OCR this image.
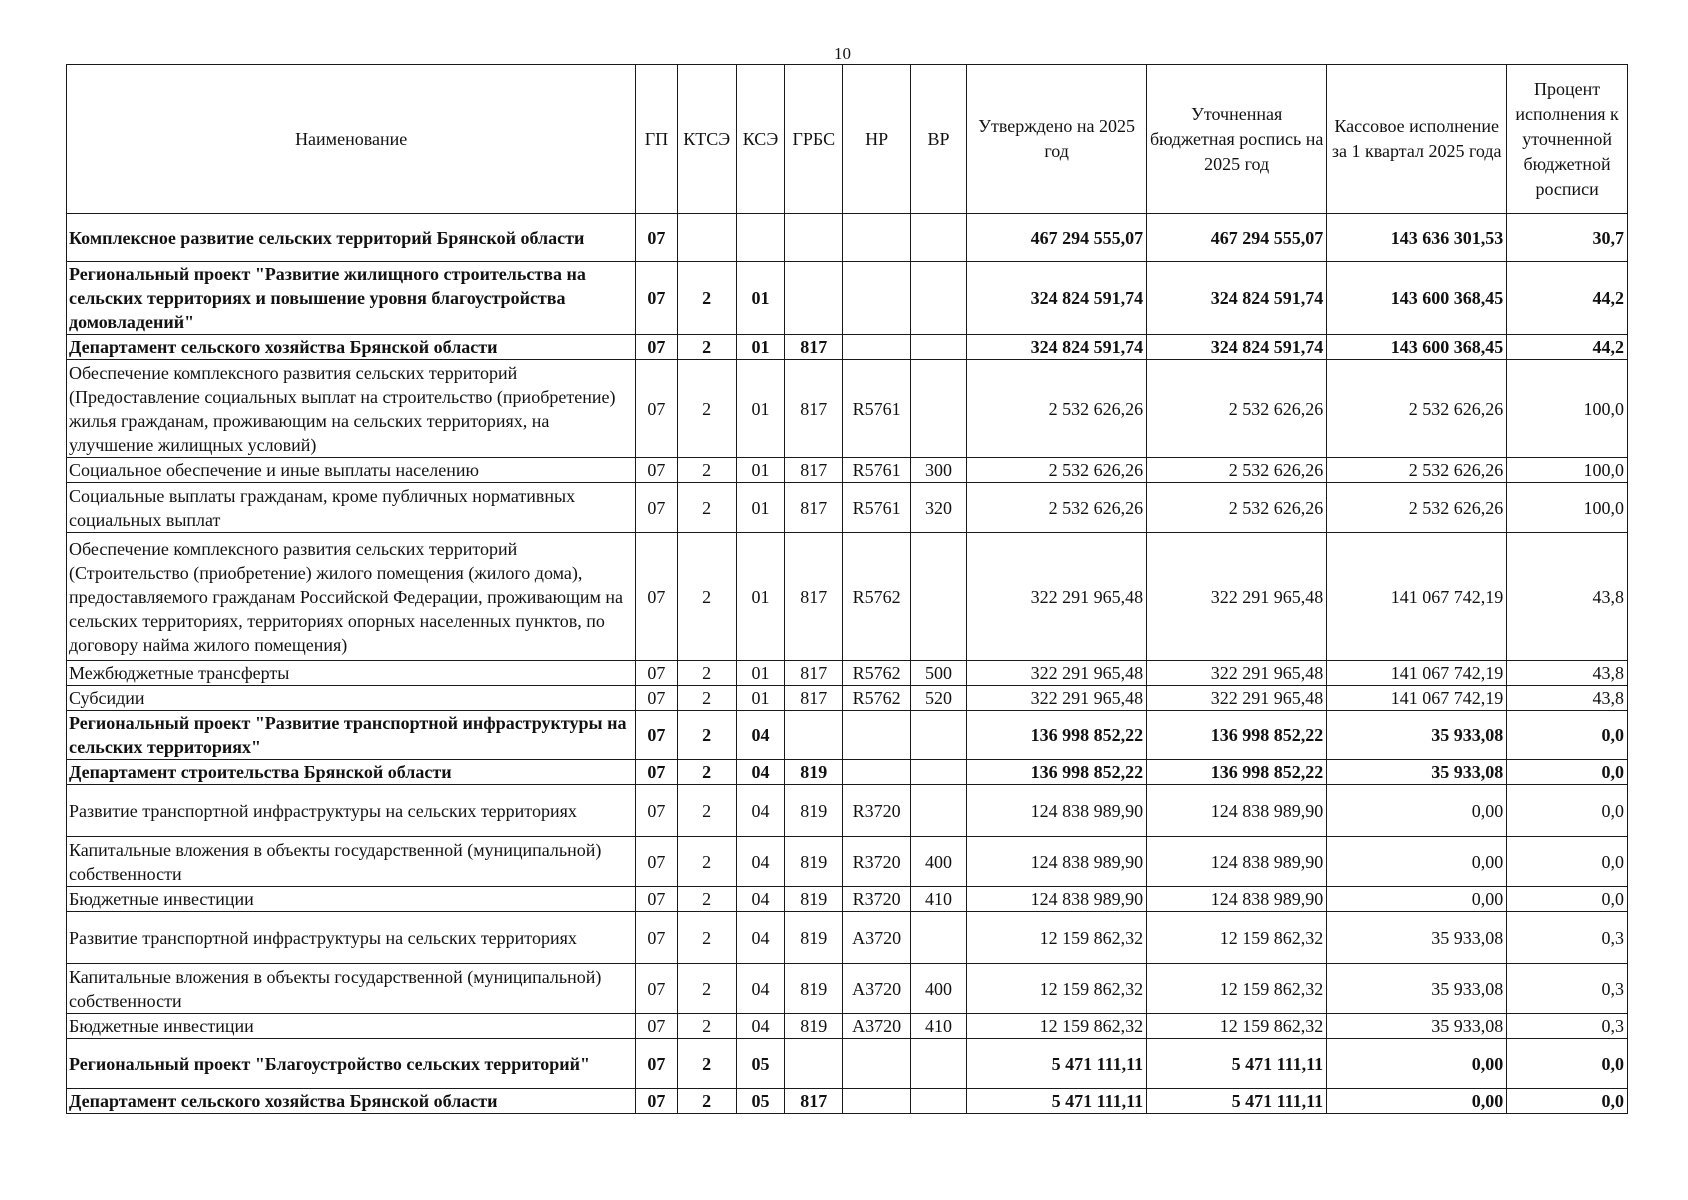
10
Наименование	ГП	КТСЭ	КСЭ	ГРБС	НР	ВР	Утверждено на 2025 год	Уточненная бюджетная роспись на 2025 год	Кассовое исполнение за 1 квартал 2025 года	Процент исполнения к уточненной бюджетной росписи
Комплексное развитие сельских территорий Брянской области	07						467 294 555,07	467 294 555,07	143 636 301,53	30,7
Региональный проект "Развитие жилищного строительства на сельских территориях и повышение уровня благоустройства домовладений"	07	2	01				324 824 591,74	324 824 591,74	143 600 368,45	44,2
Департамент сельского хозяйства Брянской области	07	2	01	817			324 824 591,74	324 824 591,74	143 600 368,45	44,2
Обеспечение комплексного развития сельских территорий (Предоставление социальных выплат на строительство (приобретение) жилья гражданам, проживающим на сельских территориях, на улучшение жилищных условий)	07	2	01	817	R5761		2 532 626,26	2 532 626,26	2 532 626,26	100,0
Социальное обеспечение и иные выплаты населению	07	2	01	817	R5761	300	2 532 626,26	2 532 626,26	2 532 626,26	100,0
Социальные выплаты гражданам, кроме публичных нормативных социальных выплат	07	2	01	817	R5761	320	2 532 626,26	2 532 626,26	2 532 626,26	100,0
Обеспечение комплексного развития сельских территорий (Строительство (приобретение) жилого помещения (жилого дома), предоставляемого гражданам Российской Федерации, проживающим на сельских территориях, территориях опорных населенных пунктов, по договору найма жилого помещения)	07	2	01	817	R5762		322 291 965,48	322 291 965,48	141 067 742,19	43,8
Межбюджетные трансферты	07	2	01	817	R5762	500	322 291 965,48	322 291 965,48	141 067 742,19	43,8
Субсидии	07	2	01	817	R5762	520	322 291 965,48	322 291 965,48	141 067 742,19	43,8
Региональный проект "Развитие транспортной инфраструктуры на сельских территориях"	07	2	04				136 998 852,22	136 998 852,22	35 933,08	0,0
Департамент строительства Брянской области	07	2	04	819			136 998 852,22	136 998 852,22	35 933,08	0,0
Развитие транспортной инфраструктуры на сельских территориях	07	2	04	819	R3720		124 838 989,90	124 838 989,90	0,00	0,0
Капитальные вложения в объекты государственной (муниципальной) собственности	07	2	04	819	R3720	400	124 838 989,90	124 838 989,90	0,00	0,0
Бюджетные инвестиции	07	2	04	819	R3720	410	124 838 989,90	124 838 989,90	0,00	0,0
Развитие транспортной инфраструктуры на сельских территориях	07	2	04	819	А3720		12 159 862,32	12 159 862,32	35 933,08	0,3
Капитальные вложения в объекты государственной (муниципальной) собственности	07	2	04	819	А3720	400	12 159 862,32	12 159 862,32	35 933,08	0,3
Бюджетные инвестиции	07	2	04	819	А3720	410	12 159 862,32	12 159 862,32	35 933,08	0,3
Региональный проект "Благоустройство сельских территорий"	07	2	05				5 471 111,11	5 471 111,11	0,00	0,0
Департамент сельского хозяйства Брянской области	07	2	05	817			5 471 111,11	5 471 111,11	0,00	0,0
